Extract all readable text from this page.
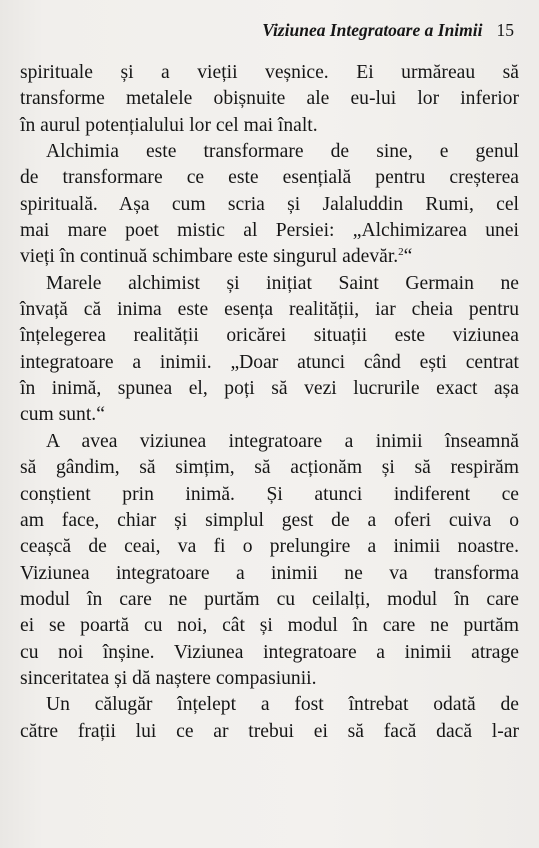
Viziunea Integratoare a Inimii 15
spirituale și a vieții veșnice. Ei urmăreau să
transforme metalele obișnuite ale eu-lui lor inferior
în aurul potențialului lor cel mai înalt.
Alchimia este transformare de sine, e genul
de transformare ce este esențială pentru creșterea
spirituală. Așa cum scria și Jalaluddin Rumi, cel
mai mare poet mistic al Persiei: „Alchimizarea unei
vieți în continuă schimbare este singurul adevăr.$^2$“
Marele alchimist și inițiat Saint Germain ne
învață că inima este esența realității, iar cheia pentru
înțelegerea realității oricărei situații este viziunea
integratoare a inimii. „Doar atunci când ești centrat
în inimă, spunea el, poți să vezi lucrurile exact așa
cum sunt.“
A avea viziunea integratoare a inimii înseamnă
să gândim, să simțim, să acționăm și să respirăm
conștient prin inimă. Și atunci indiferent ce
am face, chiar și simplul gest de a oferi cuiva o
ceașcă de ceai, va fi o prelungire a inimii noastre.
Viziunea integratoare a inimii ne va transforma
modul în care ne purtăm cu ceilalți, modul în care
ei se poartă cu noi, cât și modul în care ne purtăm
cu noi înșine. Viziunea integratoare a inimii atrage
sinceritatea și dă naștere compasiunii.
Un călugăr înțelept a fost întrebat odată de
către frații lui ce ar trebui ei să facă dacă l-ar
